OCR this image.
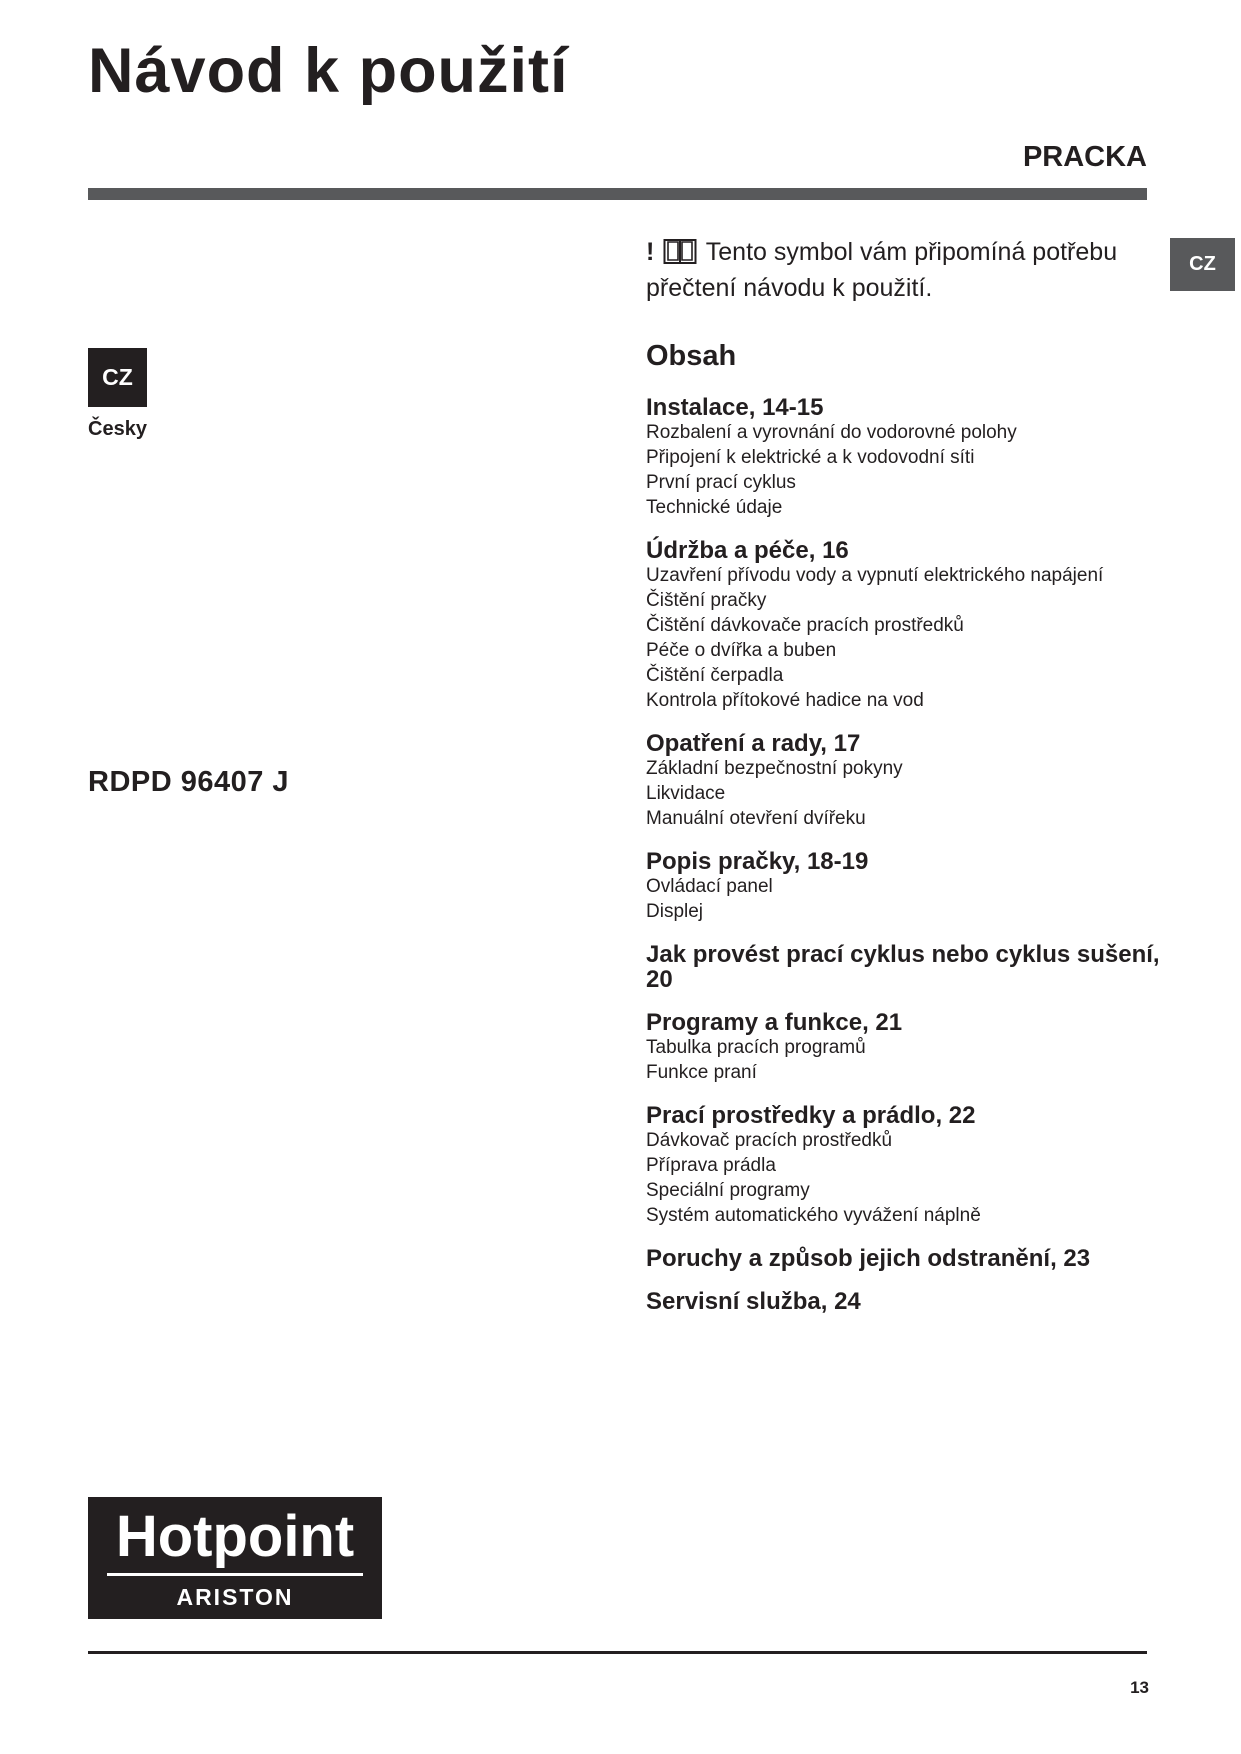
Návod k použití
PRACKA
CZ
CZ
Česky
RDPD 96407 J
! Tento symbol vám připomíná potřebu přečtení návodu k použití.
Obsah
Instalace, 14-15
Rozbalení a vyrovnání do vodorovné polohy
Připojení k elektrické a k vodovodní síti
První prací cyklus
Technické údaje
Údržba a péče, 16
Uzavření přívodu vody a vypnutí elektrického napájení
Čištění pračky
Čištění dávkovače pracích prostředků
Péče o dvířka a buben
Čištění čerpadla
Kontrola přítokové hadice na vod
Opatření a rady, 17
Základní bezpečnostní pokyny
Likvidace
Manuální otevření dvířeku
Popis pračky, 18-19
Ovládací panel
Displej
Jak provést prací cyklus nebo cyklus sušení, 20
Programy a funkce, 21
Tabulka pracích programů
Funkce praní
Prací prostředky a prádlo, 22
Dávkovač pracích prostředků
Příprava prádla
Speciální programy
Systém automatického vyvážení náplně
Poruchy a způsob jejich odstranění, 23
Servisní služba, 24
Hotpoint
ARISTON
13
